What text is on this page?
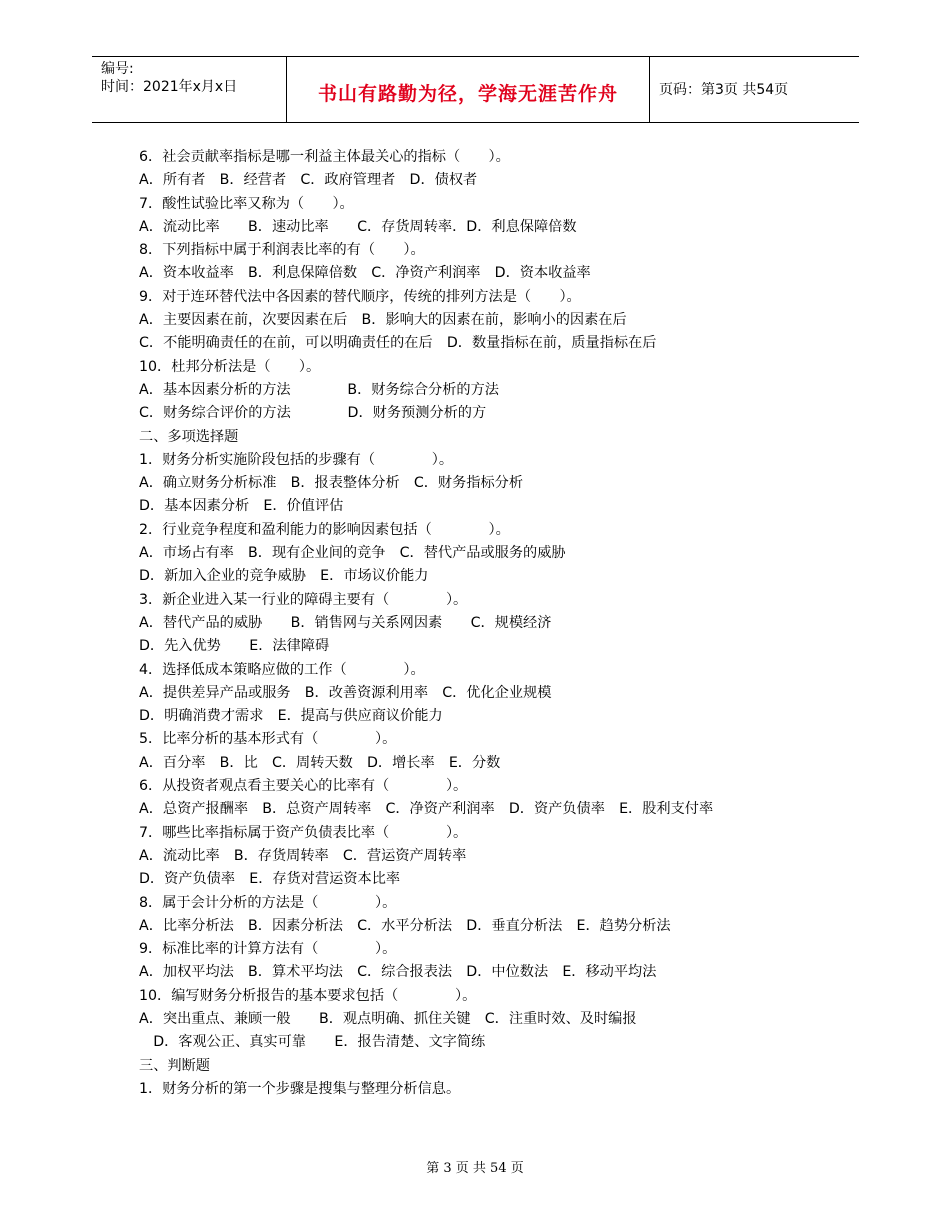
编号:
时间：2021年x月x日	书山有路勤为径，学海无涯苦作舟	页码：第3页 共54页
6．社会贡献率指标是哪一利益主体最关心的指标（　　）。
A．所有者　B．经营者　C．政府管理者　D．债权者
7．酸性试验比率又称为（　　）。
A．流动比率　　B．速动比率　　C．存货周转率．D．利息保障倍数
8．下列指标中属于利润表比率的有（　　）。
A．资本收益率　B．利息保障倍数　C．净资产利润率　D．资本收益率
9．对于连环替代法中各因素的替代顺序，传统的排列方法是（　　）。
A．主要因素在前，次要因素在后　B．影响大的因素在前，影响小的因素在后
C．不能明确责任的在前，可以明确责任的在后　D．数量指标在前，质量指标在后
10．杜邦分析法是（　　）。
A．基本因素分析的方法　　　　B．财务综合分析的方法
C．财务综合评价的方法　　　　D．财务预测分析的方
二、多项选择题
1．财务分析实施阶段包括的步骤有（　　　　）。
A．确立财务分析标准　B．报表整体分析　C．财务指标分析
D．基本因素分析　E．价值评估
2．行业竞争程度和盈利能力的影响因素包括（　　　　）。
A．市场占有率　B．现有企业间的竞争　C．替代产品或服务的威胁
D．新加入企业的竞争威胁　E．市场议价能力
3．新企业进入某一行业的障碍主要有（　　　　）。
A．替代产品的威胁　　B．销售网与关系网因素　　C．规模经济
D．先入优势　　E．法律障碍
4．选择低成本策略应做的工作（　　　　）。
A．提供差异产品或服务　B．改善资源利用率　C．优化企业规模
D．明确消费才需求　E．提高与供应商议价能力
5．比率分析的基本形式有（　　　　）。
A．百分率　B．比　C．周转天数　D．增长率　E．分数
6．从投资者观点看主要关心的比率有（　　　　）。
A．总资产报酬率　B．总资产周转率　C．净资产利润率　D．资产负债率　E．股利支付率
7．哪些比率指标属于资产负债表比率（　　　　）。
A．流动比率　B．存货周转率　C．营运资产周转率
D．资产负债率　E．存货对营运资本比率
8．属于会计分析的方法是（　　　　）。
A．比率分析法　B．因素分析法　C．水平分析法　D．垂直分析法　E．趋势分析法
9．标准比率的计算方法有（　　　　）。
A．加权平均法　B．算术平均法　C．综合报表法　D．中位数法　E．移动平均法
10．编写财务分析报告的基本要求包括（　　　　）。
A．突出重点、兼顾一般　　B．观点明确、抓住关键　C．注重时效、及时编报
　D．客观公正、真实可靠　　E．报告清楚、文字简练
三、判断题
1．财务分析的第一个步骤是搜集与整理分析信息。
第 3 页 共 54 页
